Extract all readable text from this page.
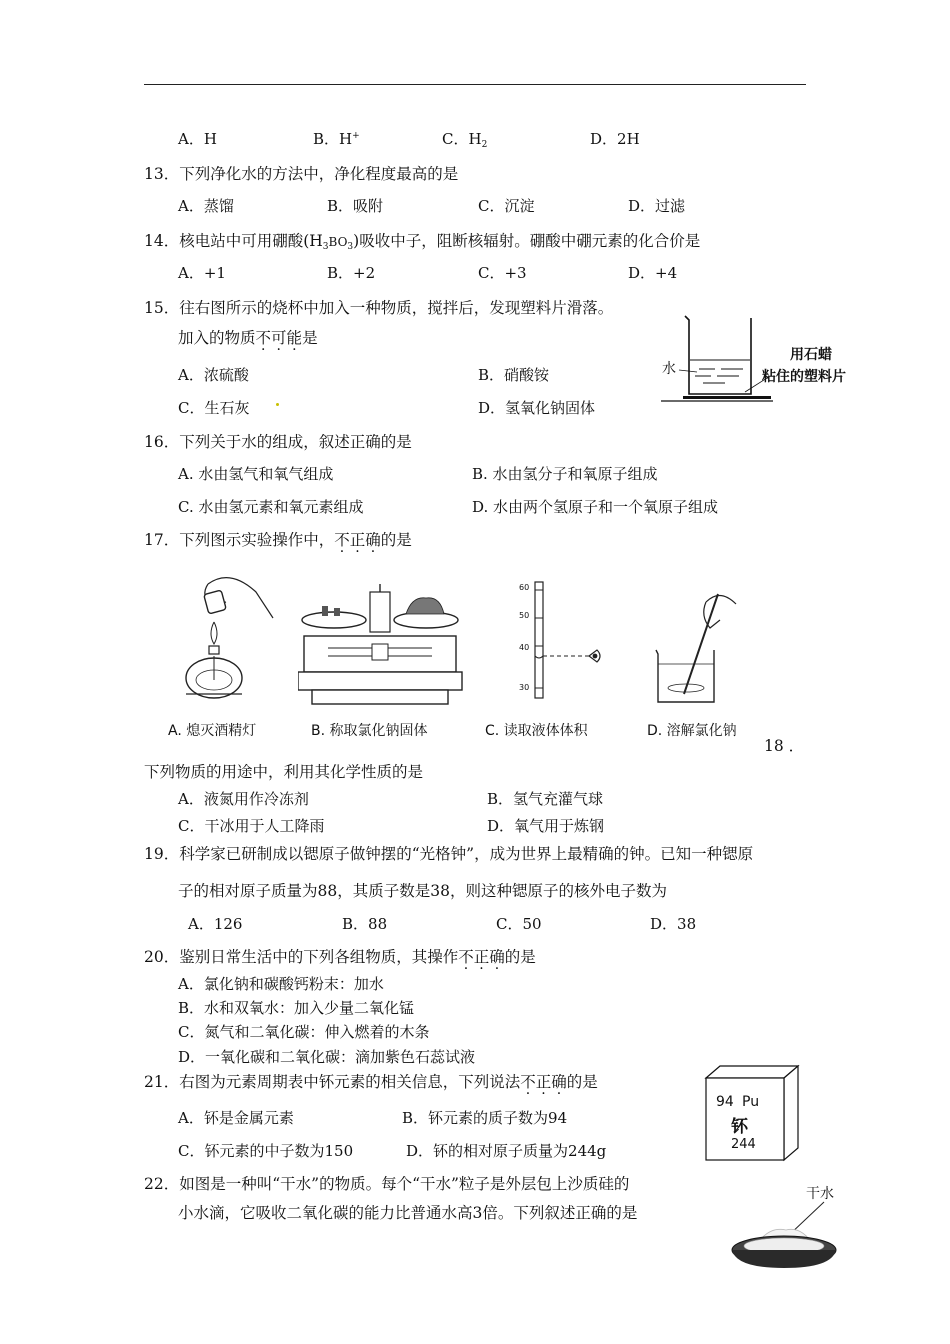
A．H	B．H+	C．$H_2$	D．2H
13．下列净化水的方法中，净化程度最高的是
A．蒸馏	B．吸附	C．沉淀	D．过滤
14．核电站中可用硼酸(H3BO3)吸收中子，阻断核辐射。硼酸中硼元素的化合价是
A．+1	B．+2	C．+3	D．+4
15．往右图所示的烧杯中加入一种物质，搅拌后，发现塑料片滑落。
加入的物质不可能是
A．浓硫酸	B．硝酸铵
C．生石灰	D．氢氧化钠固体
水
用石蜡
粘住的塑料片
16．下列关于水的组成，叙述正确的是
A. 水由氢气和氧气组成	B. 水由氢分子和氧原子组成
C. 水由氢元素和氧元素组成	D. 水由两个氢原子和一个氧原子组成
17．下列图示实验操作中，不正确的是
60
50
40
30
A. 熄灭酒精灯	B. 称取氯化钠固体	C. 读取液体体积	D. 溶解氯化钠
18 ．
下列物质的用途中，利用其化学性质的是
A．液氮用作冷冻剂	B．氢气充灌气球
C．干冰用于人工降雨	D．氧气用于炼钢
19．科学家已研制成以锶原子做钟摆的“光格钟”，成为世界上最精确的钟。已知一种锶原
子的相对原子质量为88，其质子数是38，则这种锶原子的核外电子数为
A．126	B．88	C．50	D．38
20．鉴别日常生活中的下列各组物质，其操作不正确的是
A．氯化钠和碳酸钙粉末：加水
B．水和双氧水：加入少量二氧化锰
C．氮气和二氧化碳：伸入燃着的木条
D．一氧化碳和二氧化碳：滴加紫色石蕊试液
21．右图为元素周期表中钚元素的相关信息，下列说法不正确的是
A．钚是金属元素	B．钚元素的质子数为94
C．钚元素的中子数为150	D．钚的相对原子质量为244g
94 Pu
钚
244
22．如图是一种叫“干水”的物质。每个“干水”粒子是外层包上沙质硅的
小水滴，它吸收二氧化碳的能力比普通水高3倍。下列叙述正确的是
干水
